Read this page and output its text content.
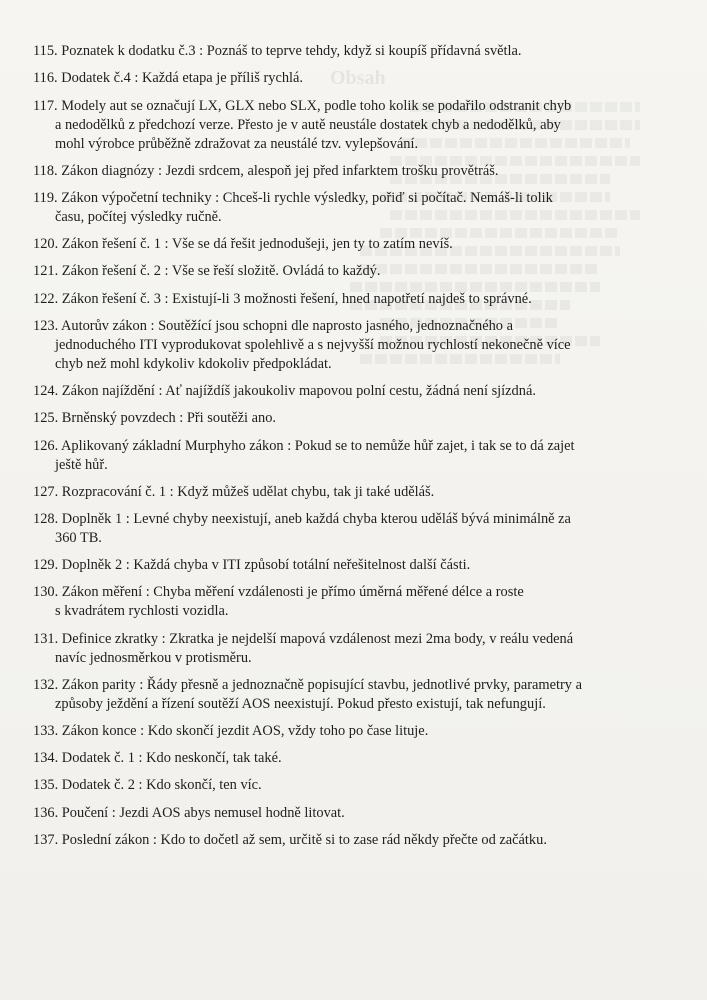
Obsah
115. Poznatek k dodatku č.3 : Poznáš to teprve tehdy, když si koupíš přídavná světla.
116. Dodatek č.4 : Každá etapa je příliš rychlá.
117. Modely aut se označují LX, GLX nebo SLX, podle toho kolik se podařilo odstranit chyb
a nedodělků z předchozí verze. Přesto je v autě neustále dostatek chyb a nedodělků, aby
mohl výrobce průběžně zdražovat za neustálé tzv. vylepšování.
118. Zákon diagnózy : Jezdi srdcem, alespoň jej před infarktem trošku provětráš.
119. Zákon výpočetní techniky : Chceš-li rychle výsledky, pořiď si počítač. Nemáš-li tolik
času, počítej výsledky ručně.
120. Zákon řešení č. 1 : Vše se dá řešit jednodušeji, jen ty to zatím nevíš.
121. Zákon řešení č. 2 : Vše se řeší složitě. Ovládá to každý.
122. Zákon řešení č. 3 : Existují-li 3 možnosti řešení, hned napotřetí najdeš to správné.
123. Autorův zákon : Soutěžící jsou schopni dle naprosto jasného, jednoznačného a
jednoduchého ITI vyprodukovat spolehlivě a s nejvyšší možnou rychlostí nekonečně více
chyb než mohl kdykoliv kdokoliv předpokládat.
124. Zákon najíždění : Ať najíždíš jakoukoliv mapovou polní cestu, žádná není sjízdná.
125. Brněnský povzdech : Při soutěži ano.
126. Aplikovaný základní Murphyho zákon : Pokud se to nemůže hůř zajet, i tak se to dá zajet
ještě hůř.
127. Rozpracování č. 1 : Když můžeš udělat chybu, tak ji také uděláš.
128. Doplněk 1 : Levné chyby neexistují, aneb každá chyba kterou uděláš bývá minimálně za
360 TB.
129. Doplněk 2 : Každá chyba v ITI způsobí totální neřešitelnost další části.
130. Zákon měření : Chyba měření vzdálenosti je přímo úměrná měřené délce a roste
s kvadrátem rychlosti vozidla.
131. Definice zkratky : Zkratka je nejdelší mapová vzdálenost mezi 2ma body, v reálu vedená
navíc jednosměrkou v protisměru.
132. Zákon parity : Řády přesně a jednoznačně popisující stavbu, jednotlivé prvky, parametry a
způsoby ježdění a řízení soutěží AOS neexistují. Pokud přesto existují, tak nefungují.
133. Zákon konce : Kdo skončí jezdit AOS, vždy toho po čase lituje.
134. Dodatek č. 1 : Kdo neskončí, tak také.
135. Dodatek č. 2 : Kdo skončí, ten víc.
136. Poučení : Jezdi AOS abys nemusel hodně litovat.
137. Poslední zákon : Kdo to dočetl až sem, určitě si to zase rád někdy přečte od začátku.
